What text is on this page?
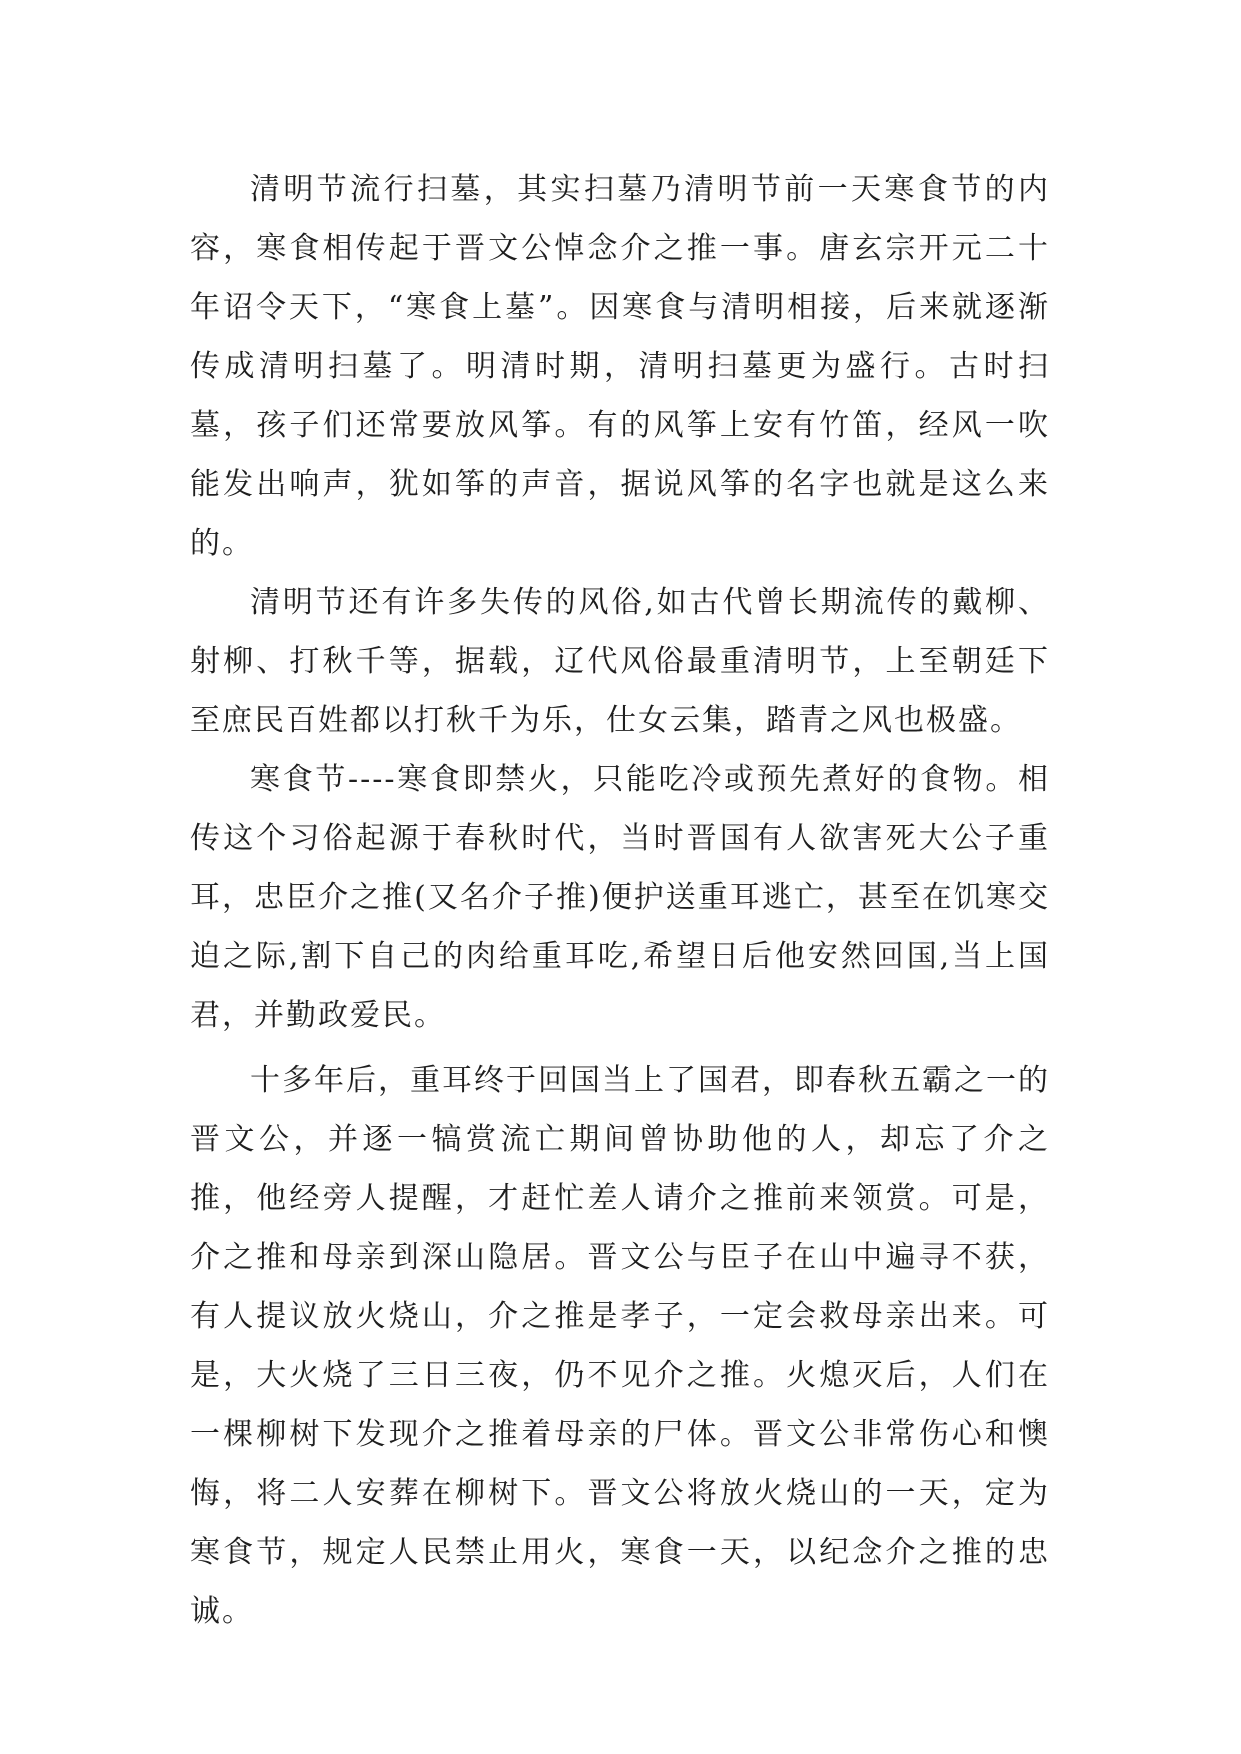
清明节流行扫墓，其实扫墓乃清明节前一天寒食节的内容，寒食相传起于晋文公悼念介之推一事。唐玄宗开元二十年诏令天下，“寒食上墓”。因寒食与清明相接，后来就逐渐传成清明扫墓了。明清时期，清明扫墓更为盛行。古时扫墓，孩子们还常要放风筝。有的风筝上安有竹笛，经风一吹能发出响声，犹如筝的声音，据说风筝的名字也就是这么来的。

清明节还有许多失传的风俗,如古代曾长期流传的戴柳、射柳、打秋千等，据载，辽代风俗最重清明节，上至朝廷下至庶民百姓都以打秋千为乐，仕女云集，踏青之风也极盛。

寒食节----寒食即禁火，只能吃冷或预先煮好的食物。相传这个习俗起源于春秋时代，当时晋国有人欲害死大公子重耳，忠臣介之推(又名介子推)便护送重耳逃亡，甚至在饥寒交迫之际,割下自己的肉给重耳吃,希望日后他安然回国,当上国君，并勤政爱民。

十多年后，重耳终于回国当上了国君，即春秋五霸之一的晋文公，并逐一犒赏流亡期间曾协助他的人，却忘了介之推，他经旁人提醒，才赶忙差人请介之推前来领赏。可是，介之推和母亲到深山隐居。晋文公与臣子在山中遍寻不获，有人提议放火烧山，介之推是孝子，一定会救母亲出来。可是，大火烧了三日三夜，仍不见介之推。火熄灭后，人们在一棵柳树下发现介之推着母亲的尸体。晋文公非常伤心和懊悔，将二人安葬在柳树下。晋文公将放火烧山的一天，定为寒食节，规定人民禁止用火，寒食一天，以纪念介之推的忠诚。
